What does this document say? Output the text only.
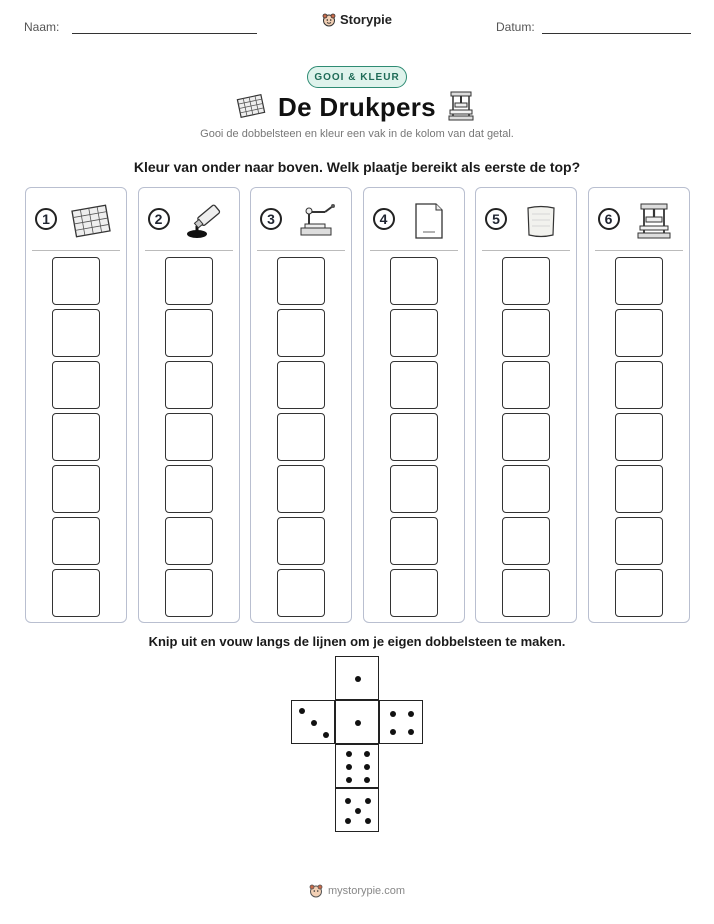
Naam:	Storypie	Datum:
GOOI & KLEUR
De Drukpers
Gooi de dobbelsteen en kleur een vak in de kolom van dat getal.
Kleur van onder naar boven. Welk plaatje bereikt als eerste de top?
1	2	3	4	5	6
Knip uit en vouw langs de lijnen om je eigen dobbelsteen te maken.
mystorypie.com
